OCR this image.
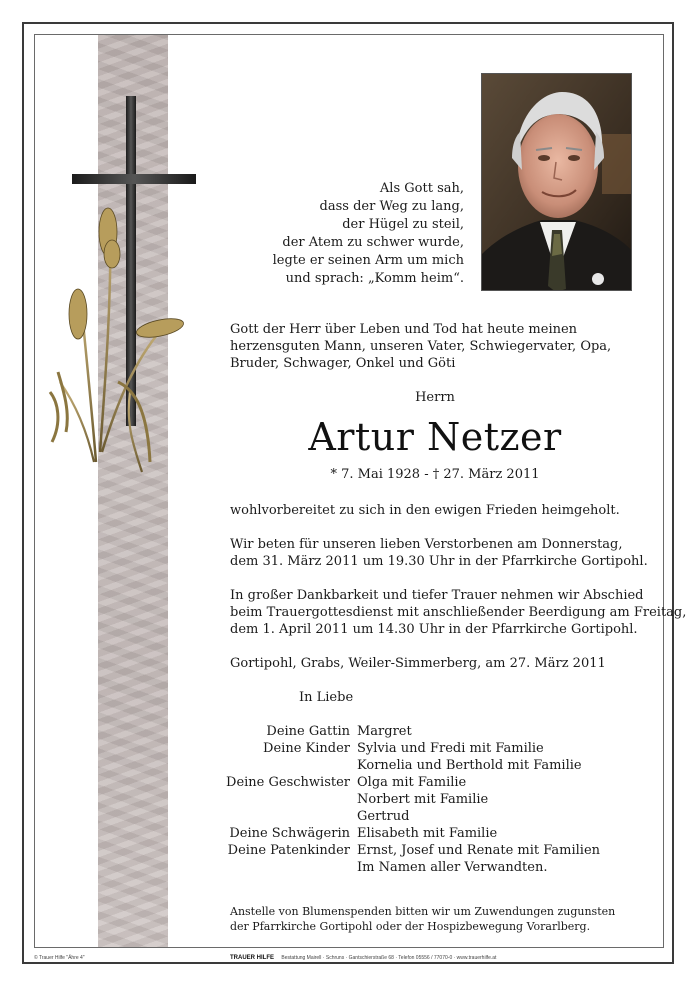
Als Gott sah,
dass der Weg zu lang,
der Hügel zu steil,
der Atem zu schwer wurde,
legte er seinen Arm um mich
und sprach: „Komm heim“.
Gott der Herr über Leben und Tod hat heute meinen herzensguten Mann, unseren Vater, Schwiegervater, Opa, Bruder, Schwager, Onkel und Göti
Herrn
Artur Netzer
* 7. Mai 1928 - † 27. März 2011
wohlvorbereitet zu sich in den ewigen Frieden heimgeholt.
Wir beten für unseren lieben Verstorbenen am Donnerstag,
dem 31. März 2011 um 19.30 Uhr in der Pfarrkirche Gortipohl.
In großer Dankbarkeit und tiefer Trauer nehmen wir Abschied
beim Trauergottesdienst mit anschließender Beerdigung am Freitag,
dem 1. April 2011 um 14.30 Uhr in der Pfarrkirche Gortipohl.
Gortipohl, Grabs, Weiler-Simmerberg, am 27. März 2011
In Liebe
Deine Gattin Margret
Deine Kinder Sylvia und Fredi mit Familie
Kornelia und Berthold mit Familie
Deine Geschwister Olga mit Familie
Norbert mit Familie
Gertrud
Deine Schwägerin Elisabeth mit Familie
Deine Patenkinder Ernst, Josef und Renate mit Familien
Im Namen aller Verwandten.
Anstelle von Blumenspenden bitten wir um Zuwendungen zugunsten
der Pfarrkirche Gortipohl oder der Hospizbewegung Vorarlberg.
© Trauer Hilfe "Ähre 4"	TRAUER HILFE Bestattung Mairell · Schruns · Gantschierstraße 68 · Telefon 05556 / 77070-0 · www.trauerhilfe.at
